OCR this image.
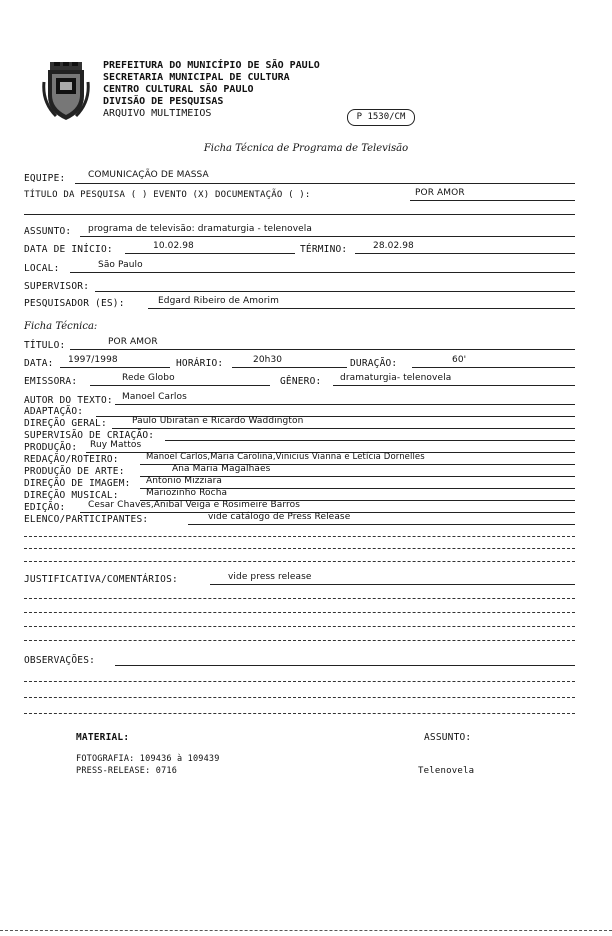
PREFEITURA DO MUNICÍPIO DE SÃO PAULO
SECRETARIA MUNICIPAL DE CULTURA
CENTRO CULTURAL SÃO PAULO
DIVISÃO DE PESQUISAS
ARQUIVO MULTIMEIOS	P 1530/CM
Ficha Técnica de Programa de Televisão
EQUIPE:	COMUNICAÇÃO DE MASSA
TÍTULO DA PESQUISA ( ) EVENTO (X) DOCUMENTAÇÃO ( ):	POR AMOR
ASSUNTO: programa de televisão: dramaturgia - telenovela
DATA DE INÍCIO:	10.02.98	TÉRMINO:	28.02.98
LOCAL:	São Paulo
SUPERVISOR:
PESQUISADOR (ES):	Edgard Ribeiro de Amorim
Ficha Técnica:
TÍTULO:	POR AMOR
DATA: 1997/1998	HORÁRIO:	20h30	DURAÇÃO:	60'
EMISSORA:	Rede Globo	GÊNERO: dramaturgia- telenovela
AUTOR DO TEXTO: Manoel Carlos
ADAPTAÇÃO:
DIREÇÃO GERAL:	Paulo Ubiratan e Ricardo Waddington
SUPERVISÃO DE CRIAÇÃO:
PRODUÇÃO: Ruy Mattos
REDAÇÃO/ROTEIRO:	Manoel Carlos,Maria Carolina,Vinicius Vianna e Letícia Dornelles
PRODUÇÃO DE ARTE:	Ana Maria Magalhães
DIREÇÃO DE IMAGEM: Antonio Mizziara
DIREÇÃO MUSICAL:	Mariozinho Rocha
EDIÇÃO:	Cesar Chaves,Anibal Veiga e Rosimeire Barros
ELENCO/PARTICIPANTES:	vide catálogo de Press Release
JUSTIFICATIVA/COMENTÁRIOS:	vide press release
OBSERVAÇÕES:
MATERIAL:
FOTOGRAFIA: 109436 à 109439
PRESS-RELEASE: 0716
ASSUNTO:
Telenovela
